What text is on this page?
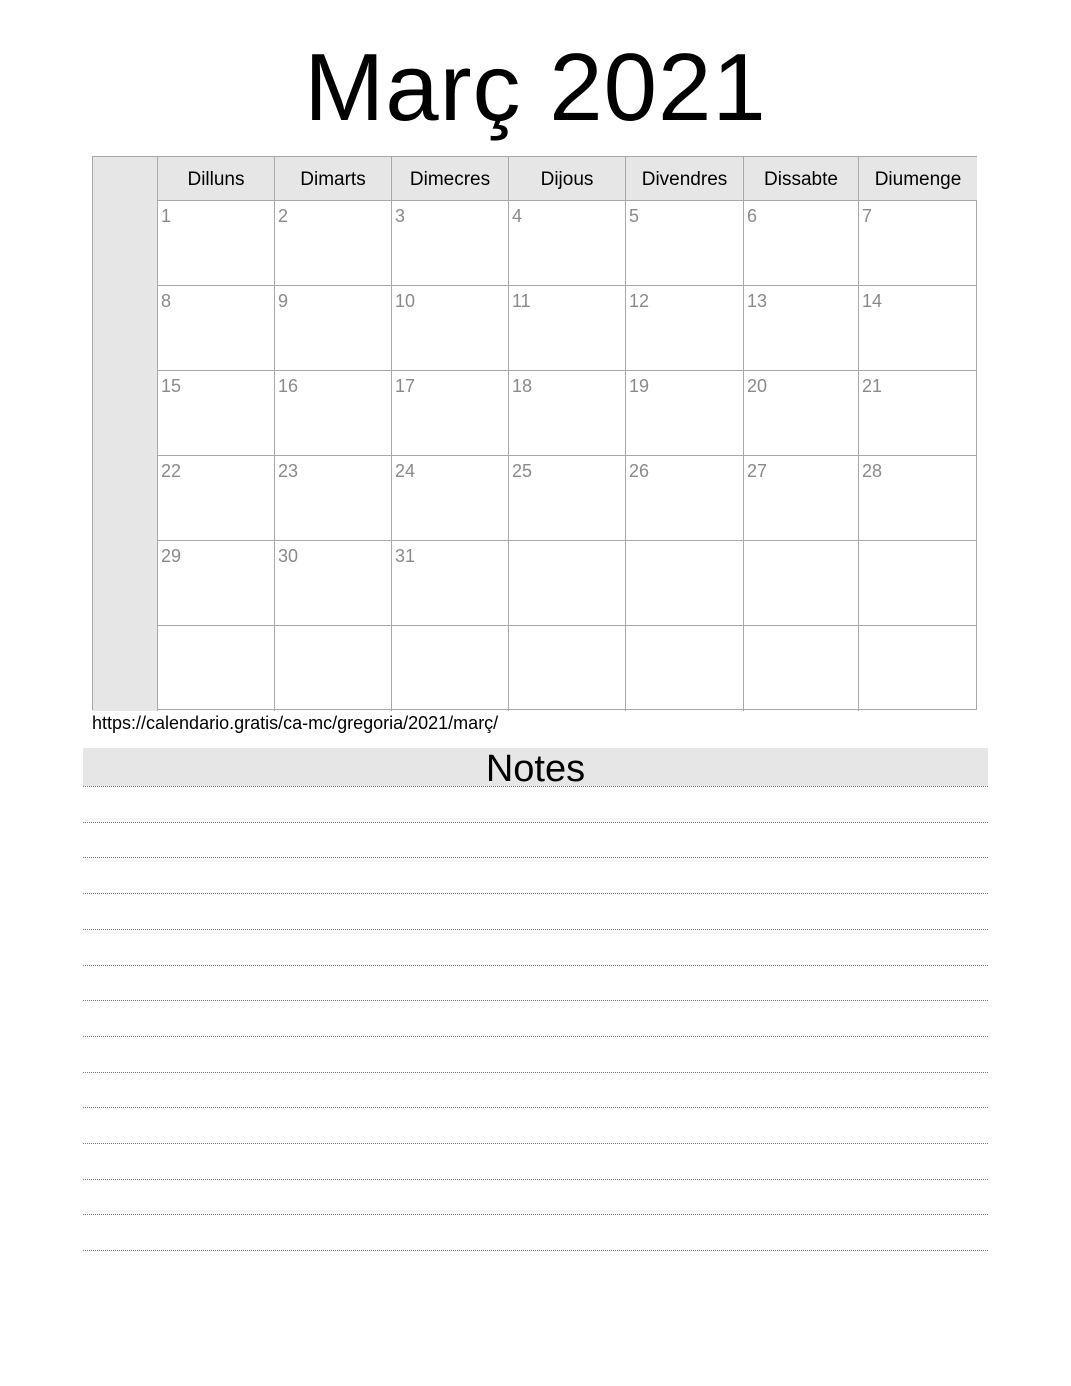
Març 2021
Dilluns	Dimarts	Dimecres	Dijous	Divendres	Dissabte	Diumenge
1	2	3	4	5	6	7
8	9	10	11	12	13	14
15	16	17	18	19	20	21
22	23	24	25	26	27	28
29	30	31
https://calendario.gratis/ca-mc/gregoria/2021/març/
Notes
